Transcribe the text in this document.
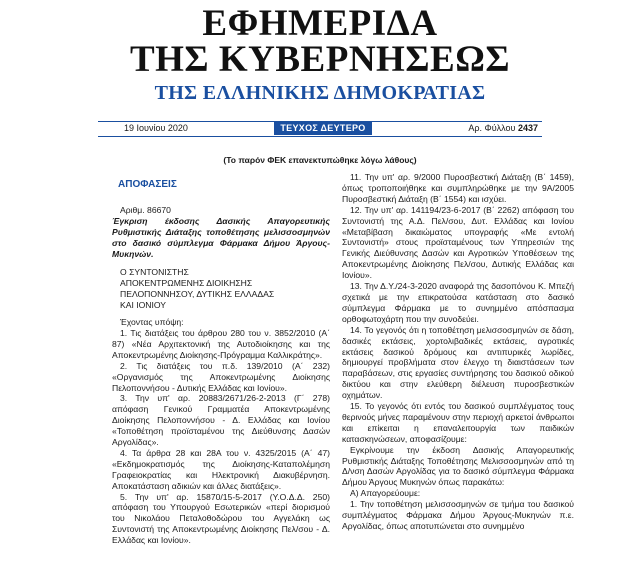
ΕΦΗΜΕΡΙΔΑ
ΤΗΣ ΚΥΒΕΡΝΗΣΕΩΣ
ΤΗΣ ΕΛΛΗΝΙΚΗΣ ΔΗΜΟΚΡΑΤΙΑΣ
19 Ιουνίου 2020	ΤΕΥΧΟΣ ΔΕΥΤΕΡΟ	Αρ. Φύλλου 2437
(Το παρόν ΦΕΚ επανεκτυπώθηκε λόγω λάθους)

ΑΠΟΦΑΣΕΙΣ

Αριθμ. 86670

Έγκριση έκδοσης Δασικής Απαγορευτικής Ρυθμιστικής Διάταξης τοποθέτησης μελισσοσμηνών στο δασικό σύμπλεγμα Φάρμακα Δήμου Άργους-Μυκηνών.

Ο ΣΥΝΤΟΝΙΣΤΗΣ

ΑΠΟΚΕΝΤΡΩΜΕΝΗΣ ΔΙΟΙΚΗΣΗΣ

ΠΕΛΟΠΟΝΝΗΣΟΥ, ΔΥΤΙΚΗΣ ΕΛΛΑΔΑΣ

ΚΑΙ ΙΟΝΙΟΥ

Έχοντας υπόψη:

1. Τις διατάξεις του άρθρου 280 του ν. 3852/2010 (Α΄ 87) «Νέα Αρχιτεκτονική της Αυτοδιοίκησης και της Αποκεντρωμένης Διοίκησης-Πρόγραμμα Καλλικράτης».

2. Τις διατάξεις του π.δ. 139/2010 (Α΄ 232) «Οργανισμός της Αποκεντρωμένης Διοίκησης Πελοποννήσου - Δυτικής Ελλάδας και Ιονίου».

3. Την υπ' αρ. 20883/2671/26-2-2013 (Γ΄ 278) απόφαση Γενικού Γραμματέα Αποκεντρωμένης Διοίκησης Πελοποννήσου - Δ. Ελλάδας και Ιονίου «Τοποθέτηση προϊσταμένου της Διεύθυνσης Δασών Αργολίδας».

4. Τα άρθρα 28 και 28Α του ν. 4325/2015 (Α΄ 47) «Εκδημοκρατισμός της Διοίκησης-Καταπολέμηση Γραφειοκρατίας και Ηλεκτρονική Διακυβέρνηση. Αποκατάσταση αδικιών και άλλες διατάξεις».

5. Την υπ' αρ. 15870/15-5-2017 (Υ.Ο.Δ.Δ. 250) απόφαση του Υπουργού Εσωτερικών «περί διορισμού του Νικολάου Πεταλοθοδώρου του Αγγελάκη ως Συντονιστή της Αποκεντρωμένης Διοίκησης Πελ/σου - Δ. Ελλάδας και Ιονίου».

11. Την υπ' αρ. 9/2000 Πυροσβεστική Διάταξη (Β΄ 1459), όπως τροποποιήθηκε και συμπληρώθηκε με την 9Α/2005 Πυροσβεστική Διάταξη (Β΄ 1554) και ισχύει.

12. Την υπ' αρ. 141194/23-6-2017 (Β΄ 2262) απόφαση του Συντονιστή της Α.Δ. Πελ/σου, Δυτ. Ελλάδας και Ιονίου «Μεταβίβαση δικαιώματος υπογραφής «Με εντολή Συντονιστή» στους προϊσταμένους των Υπηρεσιών της Γενικής Διεύθυνσης Δασών και Αγροτικών Υποθέσεων της Αποκεντρωμένης Διοίκησης Πελ/σου, Δυτικής Ελλάδας και Ιονίου».

13. Την Δ.Υ./24-3-2020 αναφορά της δασοπόνου Κ. Μπεζή σχετικά με την επικρατούσα κατάσταση στο δασικό σύμπλεγμα Φάρμακα με το συνημμένο απόσπασμα ορθοφωτοχάρτη που την συνοδεύει.

14. Το γεγονός ότι η τοποθέτηση μελισσοσμηνών σε δάση, δασικές εκτάσεις, χορτολιβαδικές εκτάσεις, αγροτικές εκτάσεις δασικού δρόμους και αντιπυρικές λωρίδες, δημιουργεί προβλήματα στον έλεγχο τη διαιστάσεων των παραβάσεων, στις εργασίες συντήρησης του δασικού οδικού δικτύου και στην ελεύθερη διέλευση πυροσβεστικών οχημάτων.

15. Το γεγονός ότι εντός του δασικού συμπλέγματος τους θερινούς μήνες παραμένουν στην περιοχή αρκετοί άνθρωποι και επίκειται η επαναλειτουργία των παιδικών κατασκηνώσεων, αποφασίζουμε:

Εγκρίνουμε την έκδοση Δασικής Απαγορευτικής Ρυθμιστικής Διάταξης Τοποθέτησης Μελισσοσμηνών από τη Δ/νση Δασών Αργολίδας για το δασικό σύμπλεγμα Φάρμακα Δήμου Άργους Μυκηνών όπως παρακάτω:

Α) Απαγορεύουμε:

1. Την τοποθέτηση μελισσοσμηνών σε τμήμα του δασικού συμπλέγματος Φάρμακα Δήμου Άργους-Μυκηνών π.ε. Αργολίδας, όπως αποτυπώνεται στο συνημμένο
